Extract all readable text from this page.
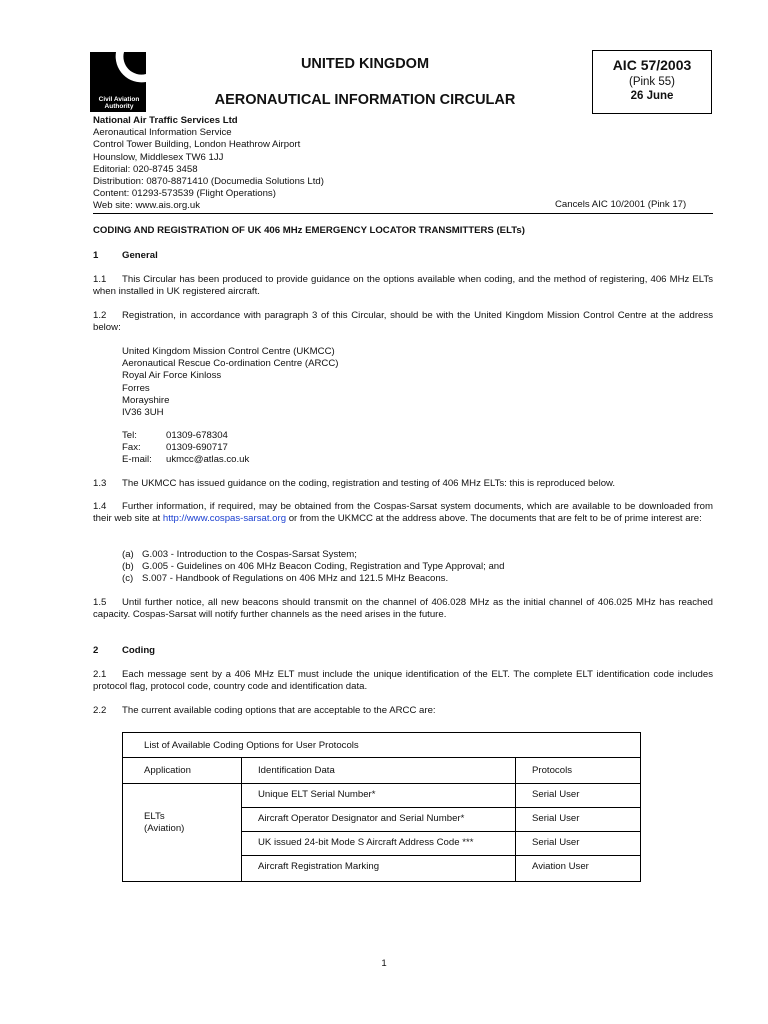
Civil Aviation
Authority
UNITED KINGDOM
AERONAUTICAL INFORMATION CIRCULAR
AIC 57/2003
(Pink 55)
26 June
National Air Traffic Services Ltd
Aeronautical Information Service
Control Tower Building, London Heathrow Airport
Hounslow, Middlesex TW6 1JJ
Editorial: 020-8745 3458
Distribution: 0870-8871410 (Documedia Solutions Ltd)
Content: 01293-573539 (Flight Operations)
Web site: www.ais.org.uk	Cancels AIC 10/2001 (Pink 17)
CODING AND REGISTRATION OF UK 406 MHz EMERGENCY LOCATOR TRANSMITTERS (ELTs)
1 General
1.1 This Circular has been produced to provide guidance on the options available when coding, and the method of registering, 406 MHz ELTs when installed in UK registered aircraft.
1.2 Registration, in accordance with paragraph 3 of this Circular, should be with the United Kingdom Mission Control Centre at the address below:
United Kingdom Mission Control Centre (UKMCC)
Aeronautical Rescue Co-ordination Centre (ARCC)
Royal Air Force Kinloss
Forres
Morayshire
IV36 3UH
Tel:	01309-678304
Fax:	01309-690717
E-mail: ukmcc@atlas.co.uk
1.3 The UKMCC has issued guidance on the coding, registration and testing of 406 MHz ELTs: this is reproduced below.
1.4 Further information, if required, may be obtained from the Cospas-Sarsat system documents, which are available to be downloaded from their web site at http://www.cospas-sarsat.org or from the UKMCC at the address above. The documents that are felt to be of prime interest are:
(a) G.003 - Introduction to the Cospas-Sarsat System;
(b) G.005 - Guidelines on 406 MHz Beacon Coding, Registration and Type Approval; and
(c) S.007 - Handbook of Regulations on 406 MHz and 121.5 MHz Beacons.
1.5 Until further notice, all new beacons should transmit on the channel of 406.028 MHz as the initial channel of 406.025 MHz has reached capacity. Cospas-Sarsat will notify further channels as the need arises in the future.
2 Coding
2.1 Each message sent by a 406 MHz ELT must include the unique identification of the ELT. The complete ELT identification code includes protocol flag, protocol code, country code and identification data.
2.2 The current available coding options that are acceptable to the ARCC are:
List of Available Coding Options for User Protocols
Application	Identification Data	Protocols
ELTs
(Aviation)
Unique ELT Serial Number*	Serial User
Aircraft Operator Designator and Serial Number*	Serial User
UK issued 24-bit Mode S Aircraft Address Code ***	Serial User
Aircraft Registration Marking	Aviation User
1
